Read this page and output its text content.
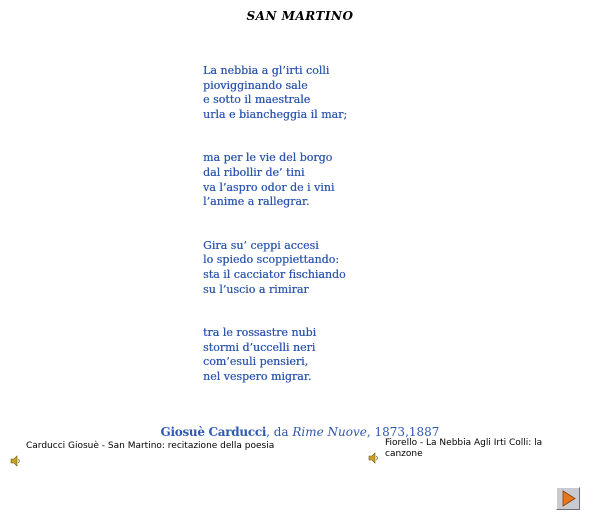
SAN MARTINO
La nebbia a gl’irti colli
piovigginando sale
e sotto il maestrale
urla e biancheggia il mar;
ma per le vie del borgo
dal ribollir de’ tini
va l’aspro odor de i vini
l’anime a rallegrar.
Gira su’ ceppi accesi
lo spiedo scoppiettando:
sta il cacciator fischiando
su l’uscio a rimirar
tra le rossastre nubi
stormi d’uccelli neri
com’esuli pensieri,
nel vespero migrar.
Giosuè Carducci, da Rime Nuove, 1873,1887
Carducci Giosuè - San Martino: recitazione della poesia	Fiorello - La Nebbia Agli Irti Colli: la canzone
